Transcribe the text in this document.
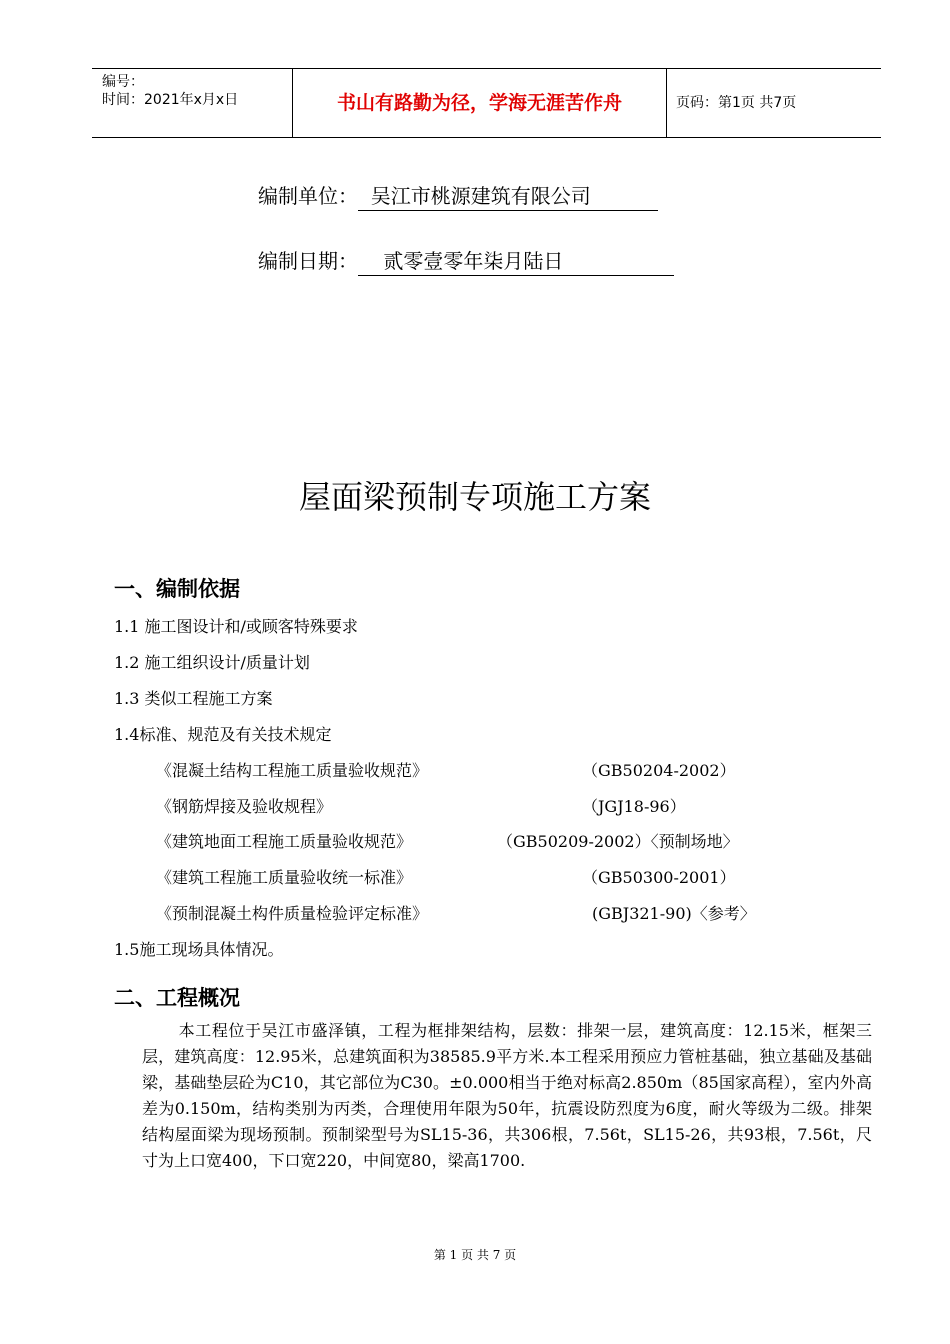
编号：
时间：2021年x月x日	书山有路勤为径，学海无涯苦作舟	页码：第1页 共7页
编制单位：  吴江市桃源建筑有限公司
编制日期：    贰零壹零年柒月陆日
屋面梁预制专项施工方案
一、编制依据
1.1 施工图设计和/或顾客特殊要求
1.2 施工组织设计/质量计划
1.3 类似工程施工方案
1.4标准、规范及有关技术规定
《混凝土结构工程施工质量验收规范》	（GB50204-2002）
《钢筋焊接及验收规程》	（JGJ18-96）
《建筑地面工程施工质量验收规范》	（GB50209-2002）〈预制场地〉
《建筑工程施工质量验收统一标准》	（GB50300-2001）
《预制混凝土构件质量检验评定标准》	(GBJ321-90)〈参考〉
1.5施工现场具体情况。
二、工程概况
本工程位于吴江市盛泽镇，工程为框排架结构，层数：排架一层，建筑高度：12.15米，框架三层，建筑高度：12.95米，总建筑面积为38585.9平方米.本工程采用预应力管桩基础，独立基础及基础梁，基础垫层砼为C10，其它部位为C30。±0.000相当于绝对标高2.850m（85国家高程），室内外高差为0.150m，结构类别为丙类，合理使用年限为50年，抗震设防烈度为6度，耐火等级为二级。排架结构屋面梁为现场预制。预制梁型号为SL15-36，共306根，7.56t，SL15-26，共93根，7.56t，尺寸为上口宽400，下口宽220，中间宽80，梁高1700.
第 1 页 共 7 页
